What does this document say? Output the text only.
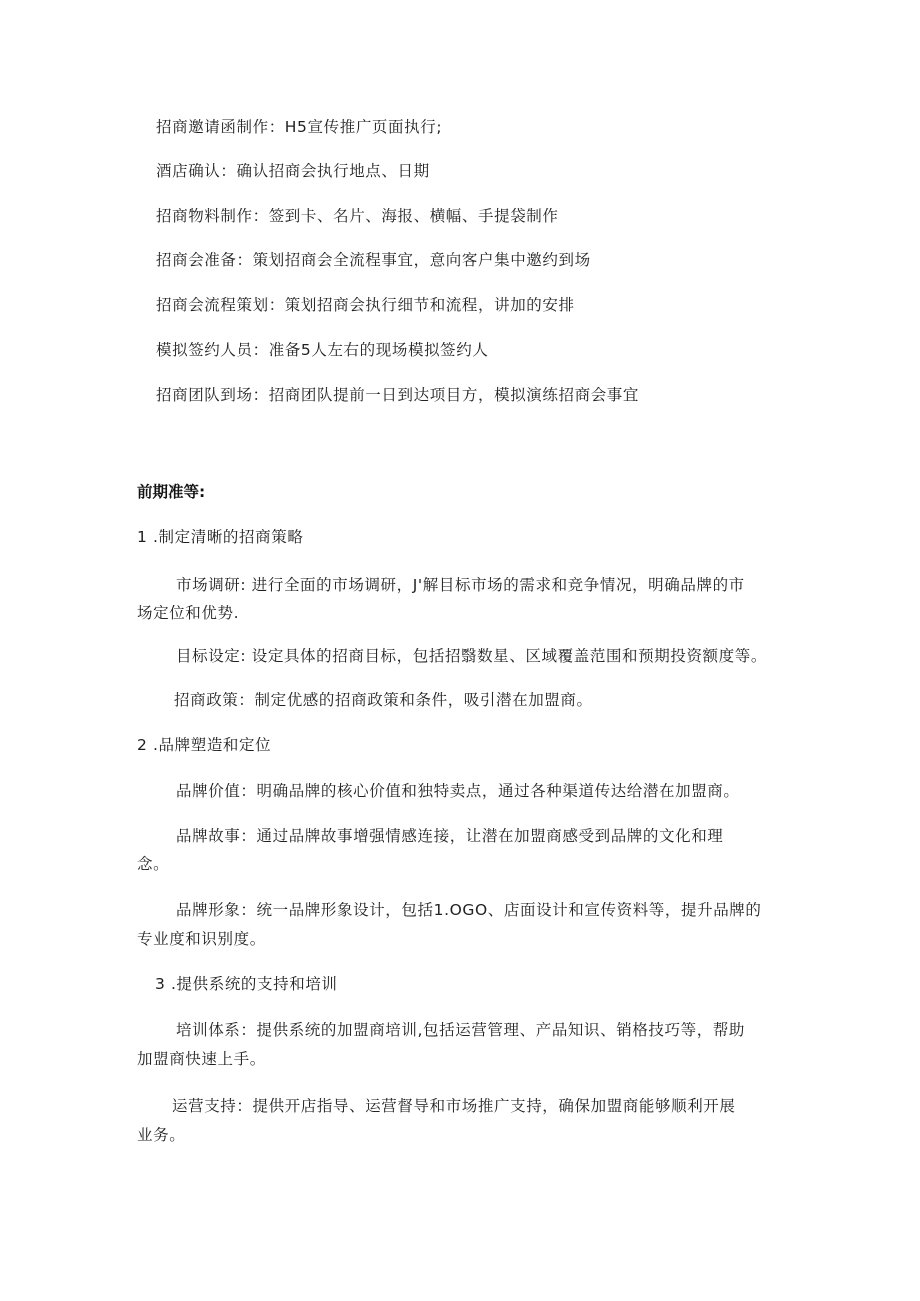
招商邀请函制作：H5宣传推广页面执行;
酒店确认：确认招商会执行地点、日期
招商物料制作：签到卡、名片、海报、横幅、手提袋制作
招商会准备：策划招商会全流程事宜，意向客户集中邀约到场
招商会流程策划：策划招商会执行细节和流程，讲加的安排
模拟签约人员：准备5人左右的现场模拟签约人
招商团队到场：招商团队提前一日到达项目方，模拟演练招商会事宜
前期准等:
1 .制定清晰的招商策略
市场调研: 进行全面的市场调研，J'解目标市场的需求和竞争情况，明确品牌的市
场定位和优势.
目标设定: 设定具体的招商目标，包括招翳数星、区域覆盖范围和预期投资额度等。
招商政策：制定优感的招商政策和条件，吸引潜在加盟商。
2 .品牌塑造和定位
品牌价值：明确品牌的核心价值和独特卖点，通过各种渠道传达给潜在加盟商。
品牌故事：通过品牌故事增强情感连接，让潜在加盟商感受到品牌的文化和理
念。
品牌形象：统一品牌形象设计，包括1.OGO、店面设计和宣传资料等，提升品牌的
专业度和识别度。
3 .提供系统的支持和培训
培训体系：提供系统的加盟商培训,包括运营管理、产品知识、销格技巧等，帮助
加盟商快速上手。
运营支持：提供开店指导、运营督导和市场推广支持，确保加盟商能够顺利开展
业务。
